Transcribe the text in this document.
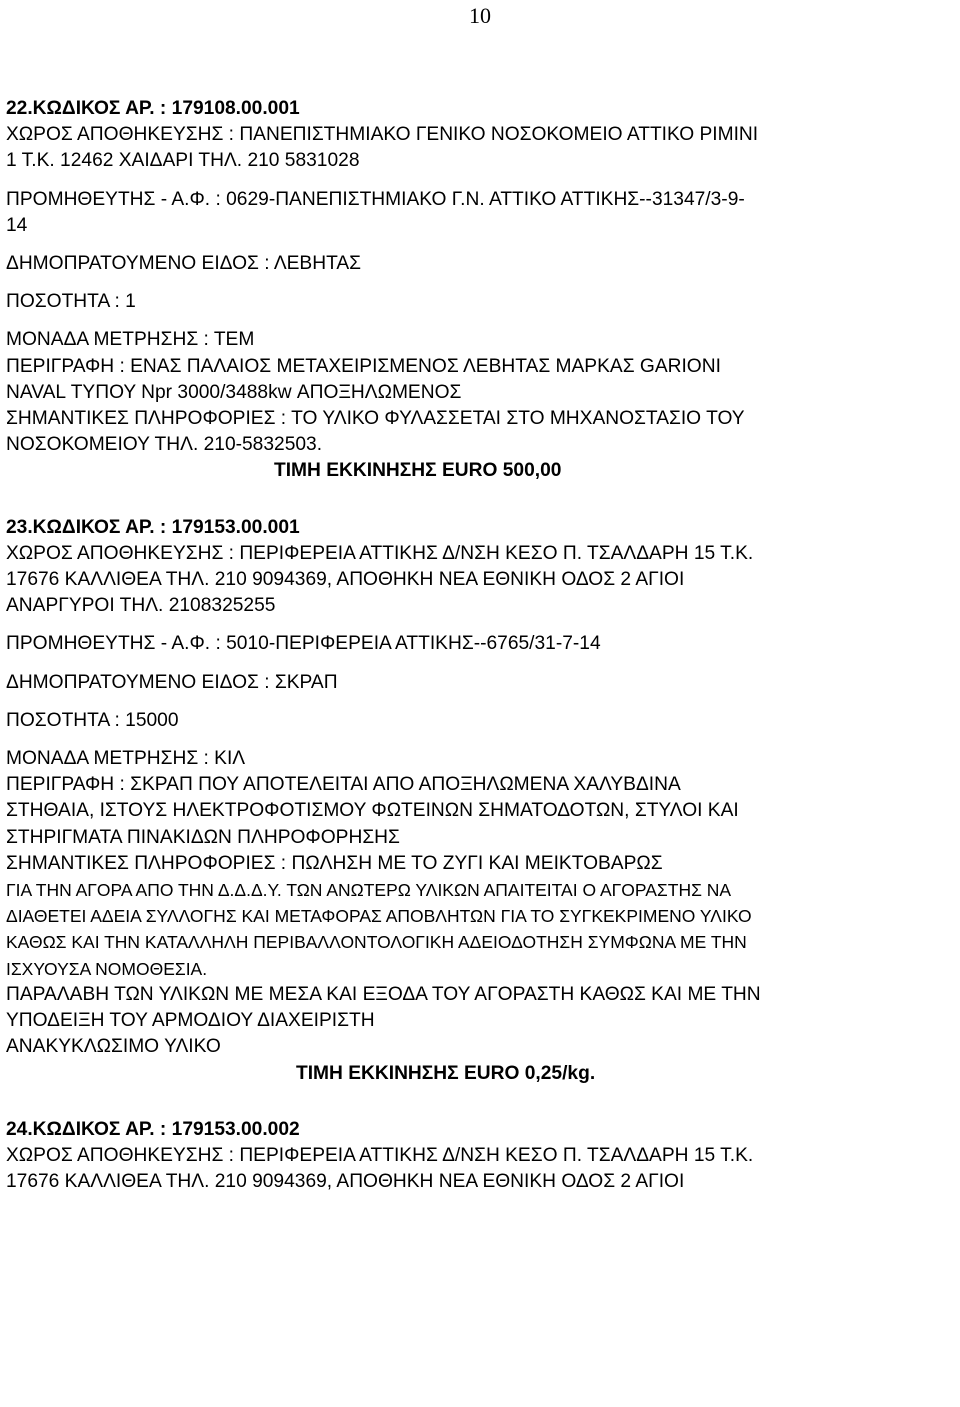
10

22.ΚΩΔΙΚΟΣ ΑΡ. : 179108.00.001

ΧΩΡΟΣ ΑΠΟΘΗΚΕΥΣΗΣ : ΠΑΝΕΠΙΣΤΗΜΙΑΚΟ ΓΕΝΙΚΟ ΝΟΣΟΚΟΜΕΙΟ ΑΤΤΙΚΟ ΡΙΜΙΝΙ

1 Τ.Κ. 12462 ΧΑΙΔΑΡΙ ΤΗΛ. 210 5831028

ΠΡΟΜΗΘΕΥΤΗΣ - Α.Φ. : 0629-ΠΑΝΕΠΙΣΤΗΜΙΑΚΟ Γ.Ν. ΑΤΤΙΚΟ ΑΤΤΙΚΗΣ--31347/3-9-

14

ΔΗΜΟΠΡΑΤΟΥΜΕΝΟ ΕΙΔΟΣ : ΛΕΒΗΤΑΣ

ΠΟΣΟΤΗΤΑ : 1

ΜΟΝΑΔΑ ΜΕΤΡΗΣΗΣ : ΤΕΜ

ΠΕΡΙΓΡΑΦΗ : ΕΝΑΣ ΠΑΛΑΙΟΣ ΜΕΤΑΧΕΙΡΙΣΜΕΝΟΣ ΛΕΒΗΤΑΣ ΜΑΡΚΑΣ GARIONI

NAVAL ΤΥΠΟΥ Npr 3000/3488kw ΑΠΟΞΗΛΩΜΕΝΟΣ

ΣΗΜΑΝΤΙΚΕΣ ΠΛΗΡΟΦΟΡΙΕΣ : ΤΟ ΥΛΙΚΟ ΦΥΛΑΣΣΕΤΑΙ ΣΤΟ ΜΗΧΑΝΟΣΤΑΣΙΟ ΤΟΥ

ΝΟΣΟΚΟΜΕΙΟΥ ΤΗΛ. 210-5832503.

ΤΙΜΗ ΕΚΚΙΝΗΣΗΣ EURO 500,00

23.ΚΩΔΙΚΟΣ ΑΡ. : 179153.00.001

ΧΩΡΟΣ ΑΠΟΘΗΚΕΥΣΗΣ : ΠΕΡΙΦΕΡΕΙΑ ΑΤΤΙΚΗΣ Δ/ΝΣΗ ΚΕΣΟ Π. ΤΣΑΛΔΑΡΗ 15 Τ.Κ.

17676 ΚΑΛΛΙΘΕΑ ΤΗΛ. 210 9094369, ΑΠΟΘΗΚΗ ΝΕΑ ΕΘΝΙΚΗ ΟΔΟΣ 2 ΑΓΙΟΙ

ΑΝΑΡΓΥΡΟΙ ΤΗΛ. 2108325255

ΠΡΟΜΗΘΕΥΤΗΣ - Α.Φ. : 5010-ΠΕΡΙΦΕΡΕΙΑ ΑΤΤΙΚΗΣ--6765/31-7-14

ΔΗΜΟΠΡΑΤΟΥΜΕΝΟ ΕΙΔΟΣ : ΣΚΡΑΠ

ΠΟΣΟΤΗΤΑ : 15000

ΜΟΝΑΔΑ ΜΕΤΡΗΣΗΣ : ΚΙΛ

ΠΕΡΙΓΡΑΦΗ : ΣΚΡΑΠ ΠΟΥ ΑΠΟΤΕΛΕΙΤΑΙ ΑΠΟ ΑΠΟΞΗΛΩΜΕΝΑ ΧΑΛΥΒΔΙΝΑ

ΣΤΗΘΑΙΑ, ΙΣΤΟΥΣ ΗΛΕΚΤΡΟΦΟΤΙΣΜΟΥ ΦΩΤΕΙΝΩΝ ΣΗΜΑΤΟΔΟΤΩΝ, ΣΤΥΛΟΙ ΚΑΙ

ΣΤΗΡΙΓΜΑΤΑ ΠΙΝΑΚΙΔΩΝ ΠΛΗΡΟΦΟΡΗΣΗΣ

ΣΗΜΑΝΤΙΚΕΣ ΠΛΗΡΟΦΟΡΙΕΣ : ΠΩΛΗΣΗ ΜΕ ΤΟ ΖΥΓΙ ΚΑΙ ΜΕΙΚΤΟΒΑΡΩΣ

ΓΙΑ ΤΗΝ ΑΓΟΡΑ ΑΠΟ ΤΗΝ Δ.Δ.Δ.Υ. ΤΩΝ ΑΝΩΤΕΡΩ ΥΛΙΚΩΝ ΑΠΑΙΤΕΙΤΑΙ Ο ΑΓΟΡΑΣΤΗΣ ΝΑ

ΔΙΑΘΕΤΕΙ ΑΔΕΙΑ ΣΥΛΛΟΓΗΣ ΚΑΙ ΜΕΤΑΦΟΡΑΣ ΑΠΟΒΛΗΤΩΝ ΓΙΑ ΤΟ ΣΥΓΚΕΚΡΙΜΕΝΟ ΥΛΙΚΟ

ΚΑΘΩΣ ΚΑΙ ΤΗΝ ΚΑΤΑΛΛΗΛΗ ΠΕΡΙΒΑΛΛΟΝΤΟΛΟΓΙΚΗ ΑΔΕΙΟΔΟΤΗΣΗ ΣΥΜΦΩΝΑ ΜΕ ΤΗΝ

ΙΣΧΥΟΥΣΑ ΝΟΜΟΘΕΣΙΑ.

ΠΑΡΑΛΑΒΗ ΤΩΝ ΥΛΙΚΩΝ ΜΕ ΜΕΣΑ ΚΑΙ ΕΞΟΔΑ ΤΟΥ ΑΓΟΡΑΣΤΗ ΚΑΘΩΣ ΚΑΙ ΜΕ ΤΗΝ

ΥΠΟΔΕΙΞΗ ΤΟΥ ΑΡΜΟΔΙΟΥ ΔΙΑΧΕΙΡΙΣΤΗ

ΑΝΑΚΥΚΛΩΣΙΜΟ ΥΛΙΚΟ

ΤΙΜΗ ΕΚΚΙΝΗΣΗΣ EURO 0,25/kg.

24.ΚΩΔΙΚΟΣ ΑΡ. : 179153.00.002

ΧΩΡΟΣ ΑΠΟΘΗΚΕΥΣΗΣ : ΠΕΡΙΦΕΡΕΙΑ ΑΤΤΙΚΗΣ Δ/ΝΣΗ ΚΕΣΟ Π. ΤΣΑΛΔΑΡΗ 15 Τ.Κ.

17676 ΚΑΛΛΙΘΕΑ ΤΗΛ. 210 9094369, ΑΠΟΘΗΚΗ ΝΕΑ ΕΘΝΙΚΗ ΟΔΟΣ 2 ΑΓΙΟΙ
